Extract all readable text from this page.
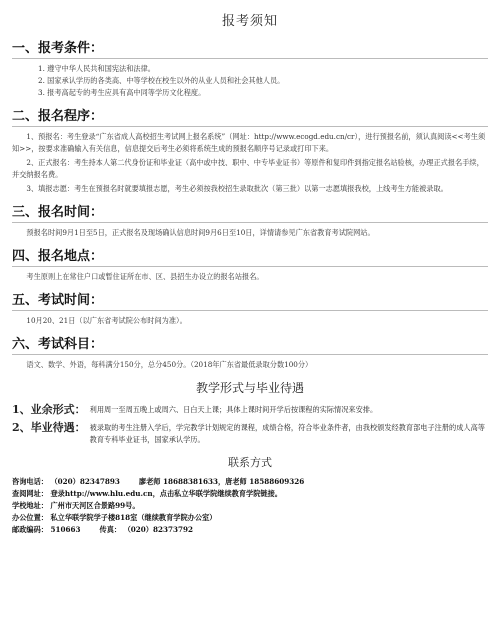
报考须知
一、报考条件：
1. 遵守中华人民共和国宪法和法律。
2. 国家承认学历的各类高、中等学校在校生以外的从业人员和社会其他人员。
3. 报考高起专的考生应具有高中同等学历文化程度。
二、报名程序：

1、预报名：考生登录“广东省成人高校招生考试网上报名系统”（网址：http://www.ecogd.edu.cn/cr），进行预报名前，须认真阅读<<考生须知>>，按要求准确输入有关信息，信息提交后考生必须将系统生成的预报名顺序号记录或打印下来。

2、正式报名：考生持本人第二代身份证和毕业证（高中或中技、职中、中专毕业证书）等原件和复印件到指定报名站验核，办理正式报名手续，并交纳报名费。

3、填报志愿：考生在预报名时就要填报志愿，考生必须按我校招生录取批次（第三批）以第一志愿填报我校，上线考生方能被录取。

三、报名时间：

预报名时间9月1日至5日，正式报名及现场确认信息时间9月6日至10日，详情请参见广东省教育考试院网站。

四、报名地点：

考生原则上在常住户口或暂住证所在市、区、县招生办设立的报名站报名。

五、考试时间：

10月20、21日（以广东省考试院公布时间为准）。

六、考试科目：

语文、数学、外语，每科满分150分，总分450分。（2018年广东省最低录取分数100分）

教学形式与毕业待遇
1、业余形式： 利用周一至周五晚上或周六、日白天上课；具体上课时间开学后按课程的实际情况来安排。
2、毕业待遇： 被录取的考生注册入学后，学完教学计划规定的课程，成绩合格，符合毕业条件者，由我校颁发经教育部电子注册的成人高等教育专科毕业证书，国家承认学历。
联系方式
咨询电话： （020）82347893	廖老师 18688381633，唐老师 18588609326
查阅网址： 登录http://www.hlu.edu.cn，点击私立华联学院继续教育学院链接。
学校地址： 广州市天河区合景路99号。
办公位置： 私立华联学院学子楼818室（继续教育学院办公室）
邮政编码： 510663	传真： （020）82373792
